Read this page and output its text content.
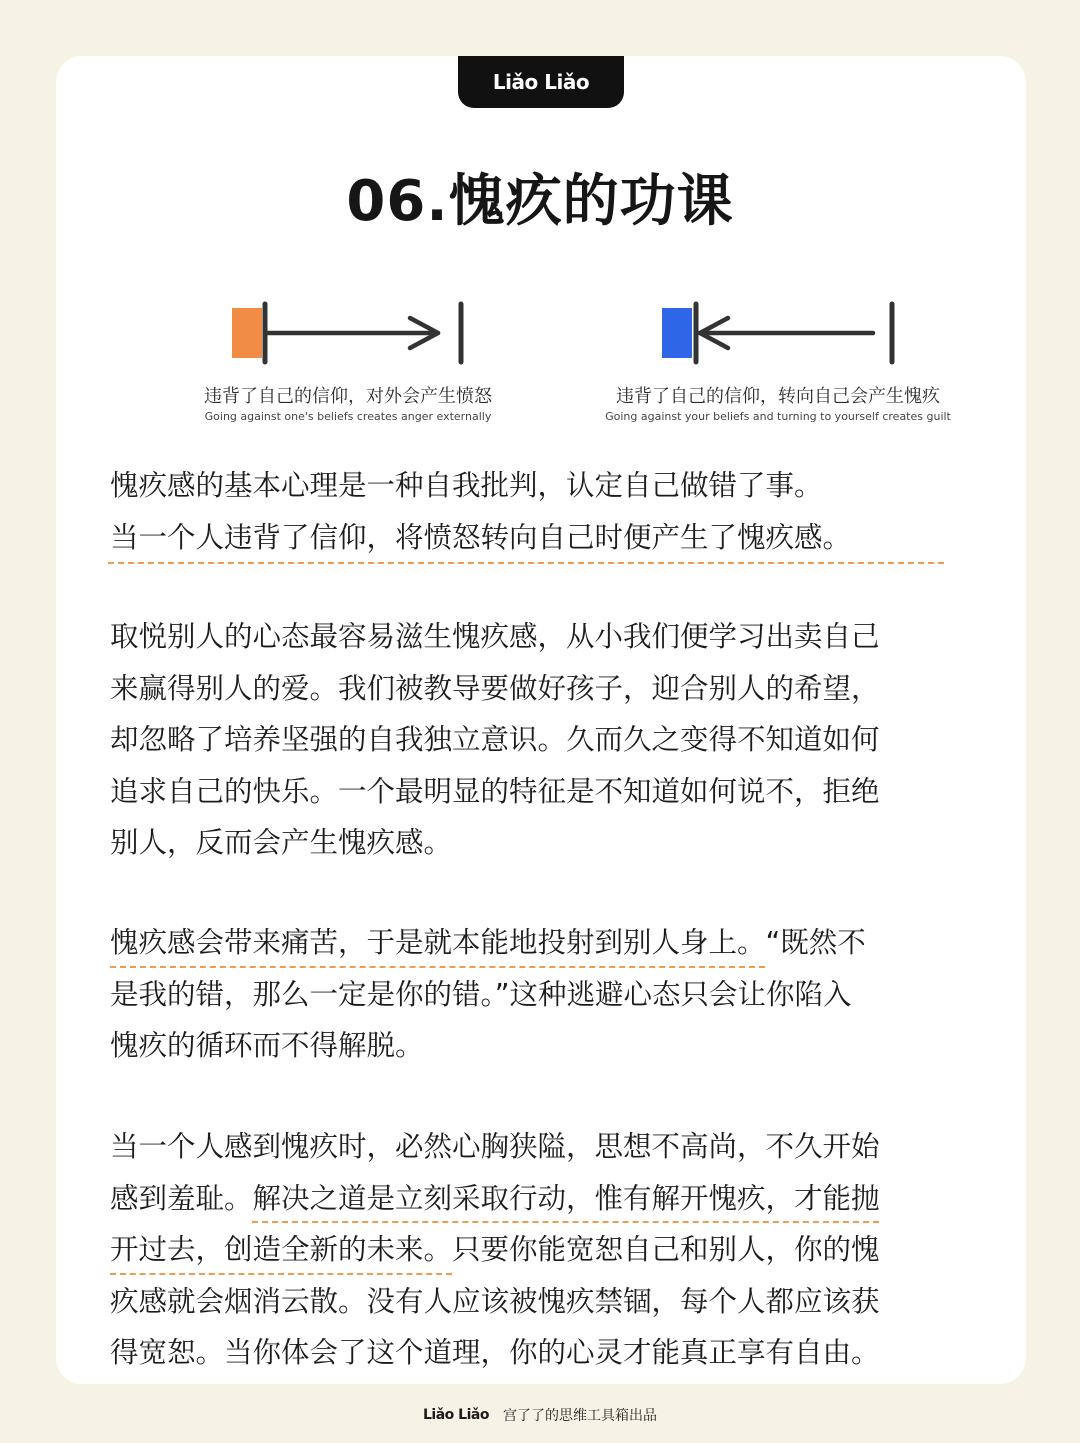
Liǎo Liǎo
06.愧疚的功课
违背了自己的信仰，对外会产生愤怒
Going against one's beliefs creates anger externally
违背了自己的信仰，转向自己会产生愧疚
Going against your beliefs and turning to yourself creates guilt
愧疚感的基本心理是一种自我批判，认定自己做错了事。
当一个人违背了信仰，将愤怒转向自己时便产生了愧疚感。
取悦别人的心态最容易滋生愧疚感，从小我们便学习出卖自己
来赢得别人的爱。我们被教导要做好孩子，迎合别人的希望，
却忽略了培养坚强的自我独立意识。久而久之变得不知道如何
追求自己的快乐。一个最明显的特征是不知道如何说不，拒绝
别人，反而会产生愧疚感。
愧疚感会带来痛苦，于是就本能地投射到别人身上。“既然不
是我的错，那么一定是你的错。”这种逃避心态只会让你陷入
愧疚的循环而不得解脱。
当一个人感到愧疚时，必然心胸狭隘，思想不高尚，不久开始
感到羞耻。解决之道是立刻采取行动，惟有解开愧疚，才能抛
开过去，创造全新的未来。只要你能宽恕自己和别人，你的愧
疚感就会烟消云散。没有人应该被愧疚禁锢，每个人都应该获
得宽恕。当你体会了这个道理，你的心灵才能真正享有自由。
Liǎo Liǎo 宫了了的思维工具箱出品
